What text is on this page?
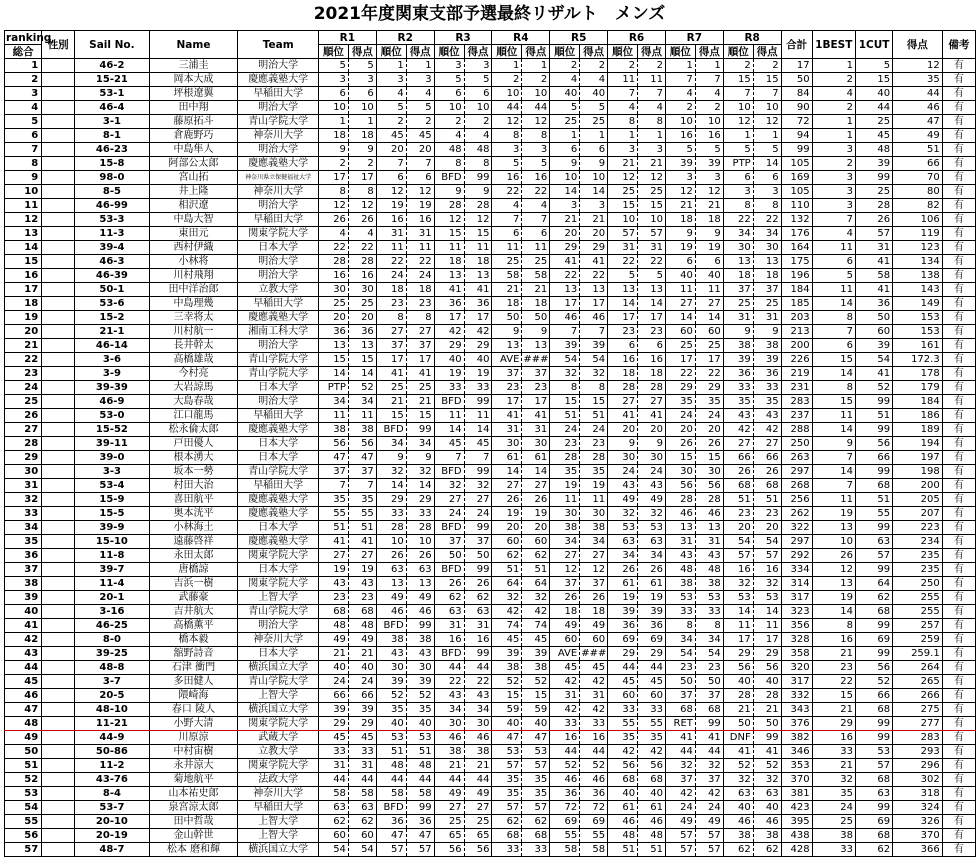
2021年度関東支部予選最終リザルト　メンズ
ranking	性別	Sail No.	Name	Team	R1		R2		R3		R4		R5		R6		R7		R8		合計	1BEST	1CUT	得点	備考
総合					順位	得点	順位	得点	順位	得点	順位	得点	順位	得点	順位	得点	順位	得点	順位	得点					
1		46-2	三浦圭	明治大学	5	5	1	1	3	3	1	1	2	2	2	2	1	1	2	2	17	1	5	12	有
2		15-21	岡本大成	慶應義塾大学	3	3	3	3	5	5	2	2	4	4	11	11	7	7	15	15	50	2	15	35	有
3		53-1	坪根遼翼	早稲田大学	6	6	4	4	6	6	10	10	40	40	7	7	4	4	7	7	84	4	40	44	有
4		46-4	田中翔	明治大学	10	10	5	5	10	10	44	44	5	5	4	4	2	2	10	10	90	2	44	46	有
5		3-1	藤原拓斗	青山学院大学	1	1	2	2	2	2	12	12	25	25	8	8	10	10	12	12	72	1	25	47	有
6		8-1	倉鹿野巧	神奈川大学	18	18	45	45	4	4	8	8	1	1	1	1	16	16	1	1	94	1	45	49	有
7		46-23	中島隼人	明治大学	9	9	20	20	48	48	3	3	6	6	3	3	5	5	5	5	99	3	48	51	有
8		15-8	阿部公太郎	慶應義塾大学	2	2	7	7	8	8	5	5	9	9	21	21	39	39	PTP	14	105	2	39	66	有
9		98-0	宮山拓	神奈川県立保健福祉大学	17	17	6	6	BFD	99	16	16	10	10	12	12	3	3	6	6	169	3	99	70	有
10		8-5	井上隆	神奈川大学	8	8	12	12	9	9	22	22	14	14	25	25	12	12	3	3	105	3	25	80	有
11		46-99	相沢遼	明治大学	12	12	19	19	28	28	4	4	3	3	15	15	21	21	8	8	110	3	28	82	有
12		53-3	中島大智	早稲田大学	26	26	16	16	12	12	7	7	21	21	10	10	18	18	22	22	132	7	26	106	有
13		11-3	東田元	関東学院大学	4	4	31	31	15	15	6	6	20	20	57	57	9	9	34	34	176	4	57	119	有
14		39-4	西村伊織	日本大学	22	22	11	11	11	11	11	11	29	29	31	31	19	19	30	30	164	11	31	123	有
15		46-3	小林将	明治大学	28	28	22	22	18	18	25	25	41	41	22	22	6	6	13	13	175	6	41	134	有
16		46-39	川村飛翔	明治大学	16	16	24	24	13	13	58	58	22	22	5	5	40	40	18	18	196	5	58	138	有
17		50-1	田中洋治郎	立教大学	30	30	18	18	41	41	21	21	13	13	13	13	11	11	37	37	184	11	41	143	有
18		53-6	中島理幾	早稲田大学	25	25	23	23	36	36	18	18	17	17	14	14	27	27	25	25	185	14	36	149	有
19		15-2	三幸将太	慶應義塾大学	20	20	8	8	17	17	50	50	46	46	17	17	14	14	31	31	203	8	50	153	有
20		21-1	川村航一	湘南工科大学	36	36	27	27	42	42	9	9	7	7	23	23	60	60	9	9	213	7	60	153	有
21		46-14	長井幹太	明治大学	13	13	37	37	29	29	13	13	39	39	6	6	25	25	38	38	200	6	39	161	有
22		3-6	高橋雄哉	青山学院大学	15	15	17	17	40	40	AVE	###	54	54	16	16	17	17	39	39	226	15	54	172.3	有
23		3-9	今村亮	青山学院大学	14	14	41	41	19	19	37	37	32	32	18	18	22	22	36	36	219	14	41	178	有
24		39-39	大岩諒馬	日本大学	PTP	52	25	25	33	33	23	23	8	8	28	28	29	29	33	33	231	8	52	179	有
25		46-9	大島春哉	明治大学	34	34	21	21	BFD	99	17	17	15	15	27	27	35	35	35	35	283	15	99	184	有
26		53-0	江口龍馬	早稲田大学	11	11	15	15	11	11	41	41	51	51	41	41	24	24	43	43	237	11	51	186	有
27		15-52	松永倫太郎	慶應義塾大学	38	38	BFD	99	14	14	31	31	24	24	20	20	20	20	42	42	288	14	99	189	有
28		39-11	戸田優人	日本大学	56	56	34	34	45	45	30	30	23	23	9	9	26	26	27	27	250	9	56	194	有
29		39-0	根本湧大	日本大学	47	47	9	9	7	7	61	61	28	28	30	30	15	15	66	66	263	7	66	197	有
30		3-3	坂本一勢	青山学院大学	37	37	32	32	BFD	99	14	14	35	35	24	24	30	30	26	26	297	14	99	198	有
31		53-4	村田大治	早稲田大学	7	7	14	14	32	32	27	27	19	19	43	43	56	56	68	68	268	7	68	200	有
32		15-9	喜田航平	慶應義塾大学	35	35	29	29	27	27	26	26	11	11	49	49	28	28	51	51	256	11	51	205	有
33		15-5	奥本洸平	慶應義塾大学	55	55	33	33	24	24	19	19	30	30	32	32	46	46	23	23	262	19	55	207	有
34		39-9	小林海土	日本大学	51	51	28	28	BFD	99	20	20	38	38	53	53	13	13	20	20	322	13	99	223	有
35		15-10	遠藤啓祥	慶應義塾大学	41	41	10	10	37	37	60	60	34	34	63	63	31	31	54	54	297	10	63	234	有
36		11-8	永田太郎	関東学院大学	27	27	26	26	50	50	62	62	27	27	34	34	43	43	57	57	292	26	57	235	有
37		39-7	唐橋諒	日本大学	19	19	63	63	BFD	99	51	51	12	12	26	26	48	48	16	16	334	12	99	235	有
38		11-4	吉浜一樹	関東学院大学	43	43	13	13	26	26	64	64	37	37	61	61	38	38	32	32	314	13	64	250	有
39		20-1	武藤豪	上智大学	23	23	49	49	62	62	32	32	26	26	19	19	53	53	53	53	317	19	62	255	有
40		3-16	吉井航大	青山学院大学	68	68	46	46	63	63	42	42	18	18	39	39	33	33	14	14	323	14	68	255	有
41		46-25	高橋薫平	明治大学	48	48	BFD	99	31	31	74	74	49	49	36	36	8	8	11	11	356	8	99	257	有
42		8-0	橋本毅	神奈川大学	49	49	38	38	16	16	45	45	60	60	69	69	34	34	17	17	328	16	69	259	有
43		39-25	舘野詩音	日本大学	21	21	43	43	BFD	99	39	39	AVE	###	29	29	54	54	29	29	358	21	99	259.1	有
44		48-8	石津 衝門	横浜国立大学	40	40	30	30	44	44	38	38	45	45	44	44	23	23	56	56	320	23	56	264	有
45		3-7	多田健人	青山学院大学	24	24	39	39	22	22	52	52	42	42	45	45	50	50	40	40	317	22	52	265	有
46		20-5	隈崎海	上智大学	66	66	52	52	43	43	15	15	31	31	60	60	37	37	28	28	332	15	66	266	有
47		48-10	春口 陵人	横浜国立大学	39	39	35	35	34	34	59	59	42	42	33	33	68	68	21	21	343	21	68	275	有
48		11-21	小野大清	関東学院大学	29	29	40	40	30	30	40	40	33	33	55	55	RET	99	50	50	376	29	99	277	有
49		44-9	川原涼	武蔵大学	45	45	53	53	46	46	47	47	16	16	35	35	41	41	DNF	99	382	16	99	283	有
50		50-86	中村宙樹	立教大学	33	33	51	51	38	38	53	53	44	44	42	42	44	44	41	41	346	33	53	293	有
51		11-2	永井涼大	関東学院大学	31	31	48	48	21	21	57	57	52	52	56	56	32	32	52	52	353	21	57	296	有
52		43-76	菊地航平	法政大学	44	44	44	44	44	44	35	35	46	46	68	68	37	37	32	32	370	32	68	302	有
53		8-4	山本祐史郎	神奈川大学	58	58	58	58	49	49	35	35	36	36	40	40	42	42	63	63	381	35	63	318	有
54		53-7	泉宮涼太郎	早稲田大学	63	63	BFD	99	27	27	57	57	72	72	61	61	24	24	40	40	423	24	99	324	有
55		20-10	田中哲哉	上智大学	62	62	36	36	25	25	62	62	69	69	46	46	49	49	46	46	395	25	69	326	有
56		20-19	金山幹世	上智大学	60	60	47	47	65	65	68	68	55	55	48	48	57	57	38	38	438	38	68	370	有
57		48-7	松本 磨和輝	横浜国立大学	54	54	57	57	56	56	33	33	58	58	51	51	57	57	62	62	428	33	62	366	有
